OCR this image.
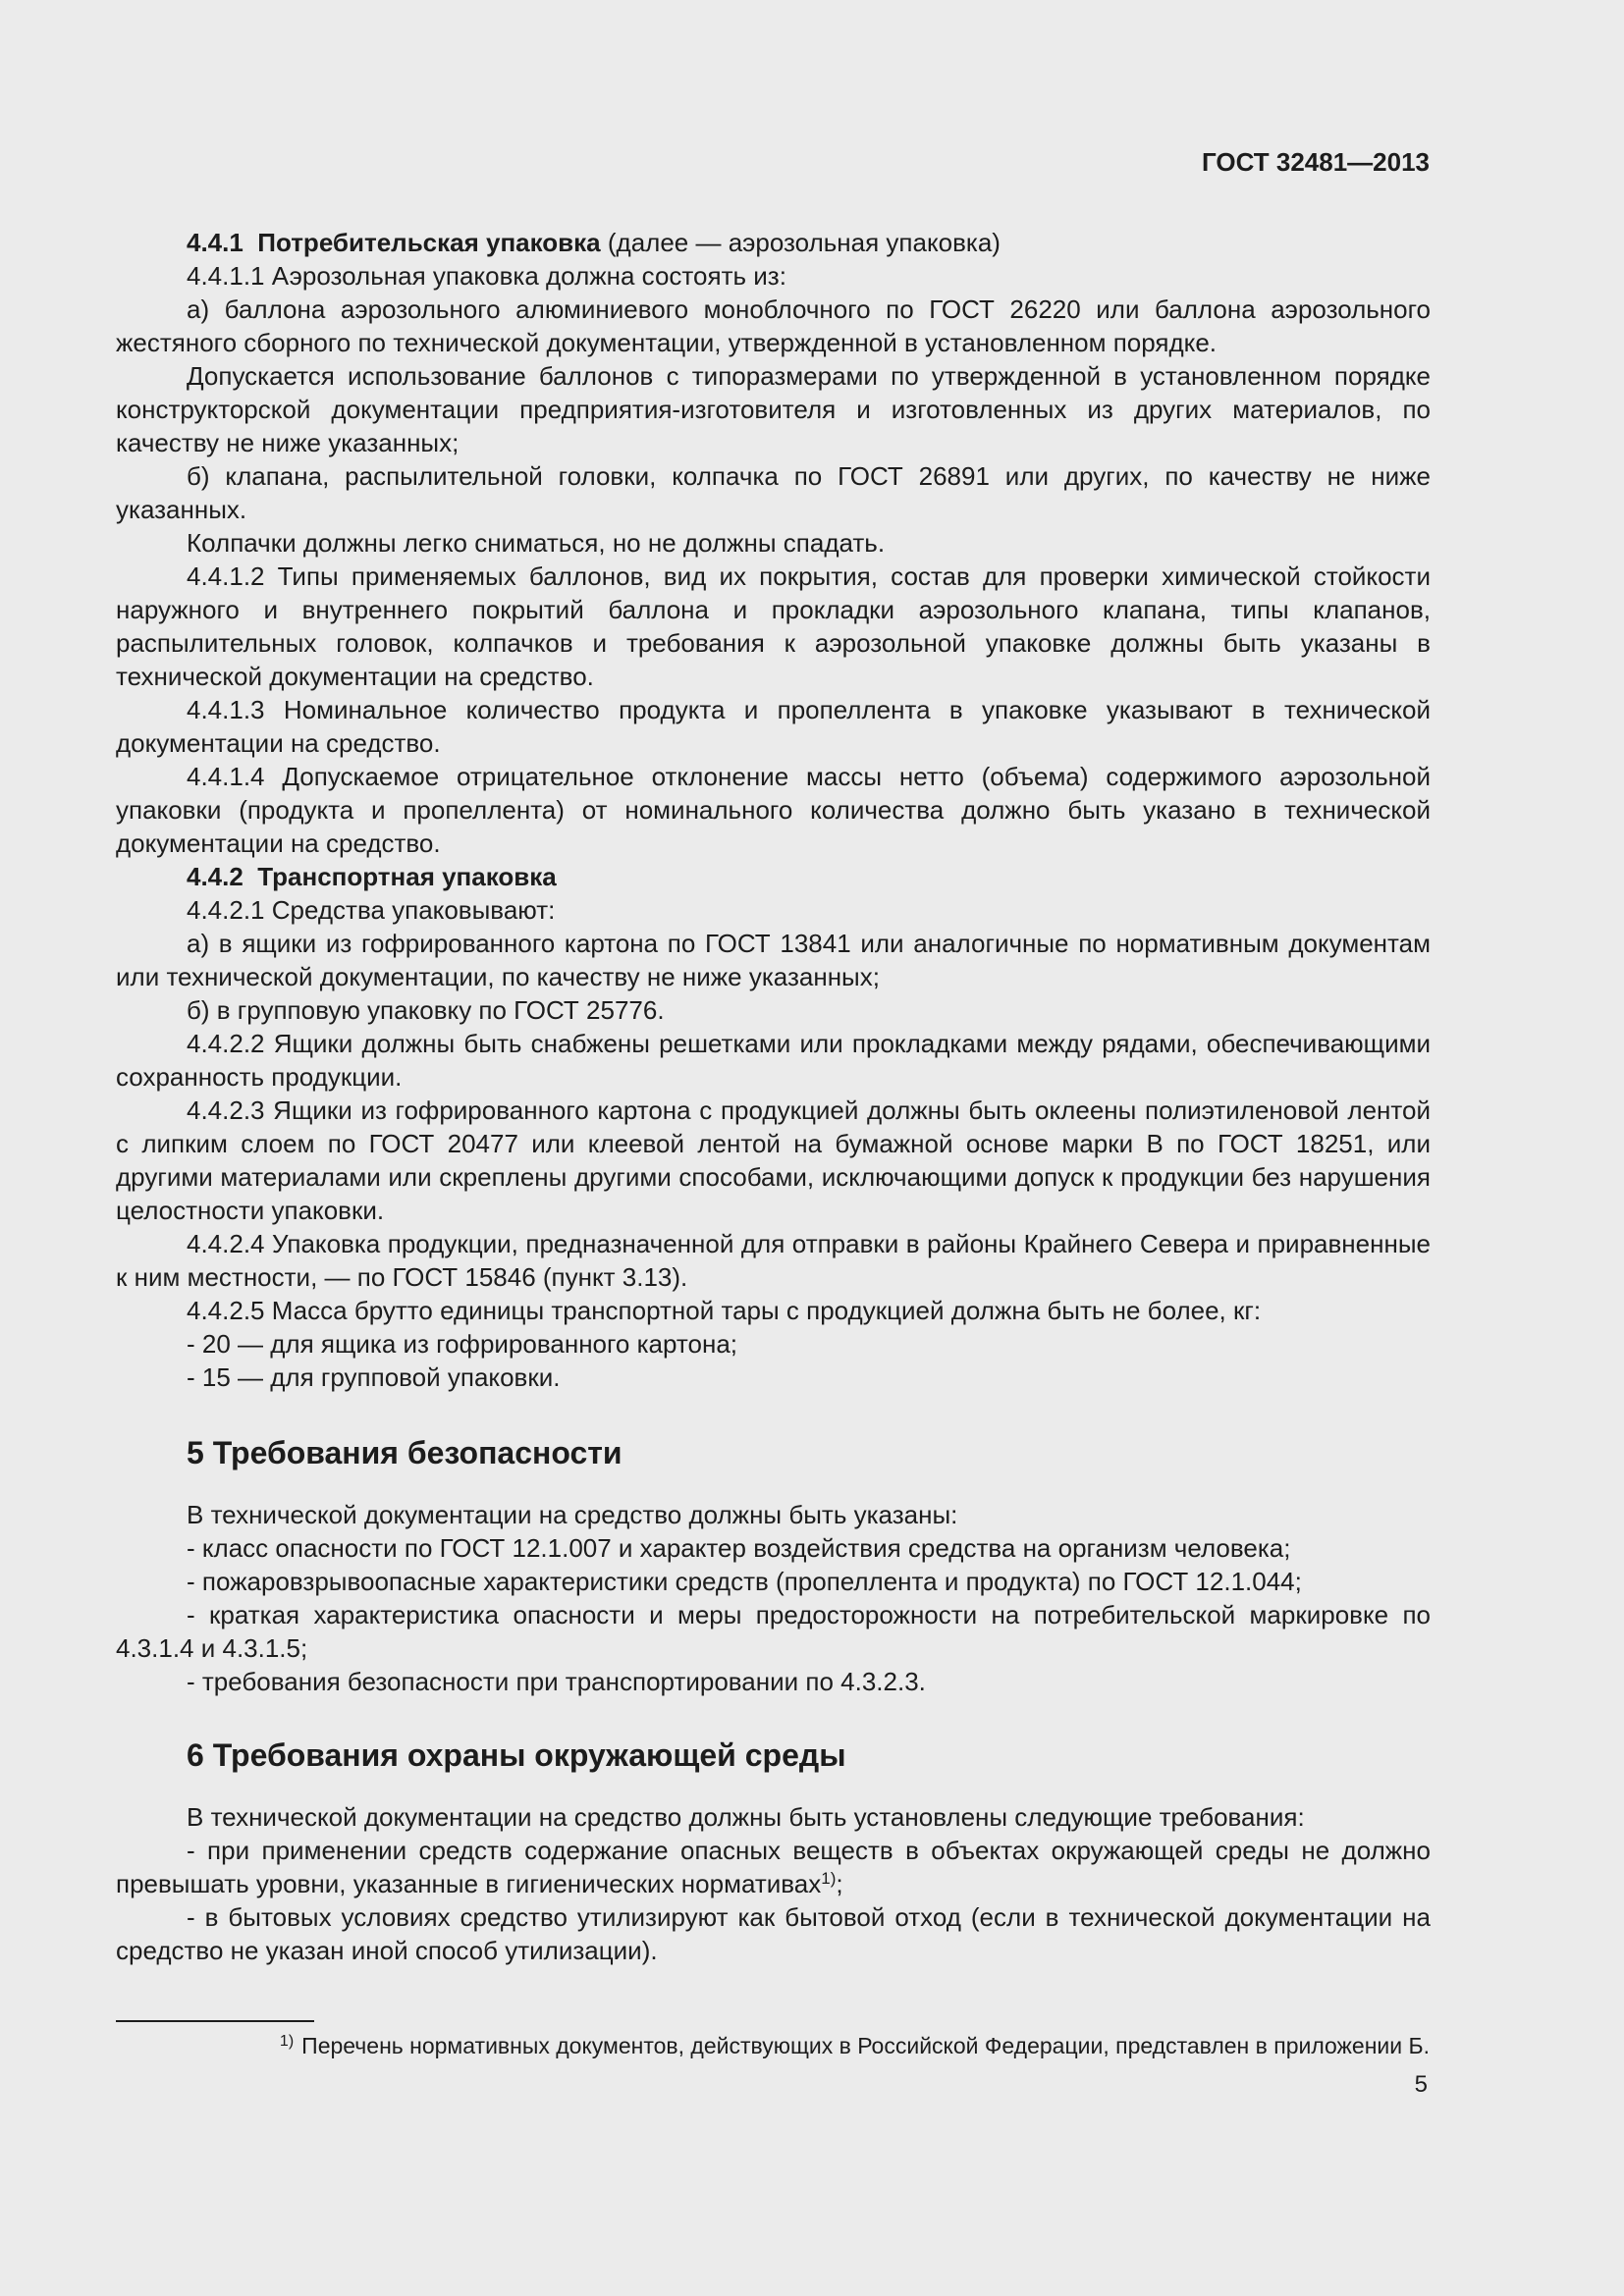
ГОСТ 32481—2013

4.4.1 Потребительская упаковка (далее — аэрозольная упаковка)

4.4.1.1 Аэрозольная упаковка должна состоять из:

а) баллона аэрозольного алюминиевого моноблочного по ГОСТ 26220 или баллона аэрозольного жестяного сборного по технической документации, утвержденной в установленном порядке.

Допускается использование баллонов с типоразмерами по утвержденной в установленном порядке конструкторской документации предприятия-изготовителя и изготовленных из других материалов, по качеству не ниже указанных;

б) клапана, распылительной головки, колпачка по ГОСТ 26891 или других, по качеству не ниже указанных.

Колпачки должны легко сниматься, но не должны спадать.

4.4.1.2 Типы применяемых баллонов, вид их покрытия, состав для проверки химической стойкости наружного и внутреннего покрытий баллона и прокладки аэрозольного клапана, типы клапанов, распылительных головок, колпачков и требования к аэрозольной упаковке должны быть указаны в технической документации на средство.

4.4.1.3 Номинальное количество продукта и пропеллента в упаковке указывают в технической документации на средство.

4.4.1.4 Допускаемое отрицательное отклонение массы нетто (объема) содержимого аэрозольной упаковки (продукта и пропеллента) от номинального количества должно быть указано в технической документации на средство.

4.4.2 Транспортная упаковка

4.4.2.1 Средства упаковывают:

а) в ящики из гофрированного картона по ГОСТ 13841 или аналогичные по нормативным документам или технической документации, по качеству не ниже указанных;

б) в групповую упаковку по ГОСТ 25776.

4.4.2.2 Ящики должны быть снабжены решетками или прокладками между рядами, обеспечивающими сохранность продукции.

4.4.2.3 Ящики из гофрированного картона с продукцией должны быть оклеены полиэтиленовой лентой с липким слоем по ГОСТ 20477 или клеевой лентой на бумажной основе марки В по ГОСТ 18251, или другими материалами или скреплены другими способами, исключающими допуск к продукции без нарушения целостности упаковки.

4.4.2.4 Упаковка продукции, предназначенной для отправки в районы Крайнего Севера и приравненные к ним местности, — по ГОСТ 15846 (пункт 3.13).

4.4.2.5 Масса брутто единицы транспортной тары с продукцией должна быть не более, кг:

- 20 — для ящика из гофрированного картона;

- 15 — для групповой упаковки.

5 Требования безопасности

В технической документации на средство должны быть указаны:

- класс опасности по ГОСТ 12.1.007 и характер воздействия средства на организм человека;

- пожаровзрывоопасные характеристики средств (пропеллента и продукта) по ГОСТ 12.1.044;

- краткая характеристика опасности и меры предосторожности на потребительской маркировке по 4.3.1.4 и 4.3.1.5;

- требования безопасности при транспортировании по 4.3.2.3.

6 Требования охраны окружающей среды

В технической документации на средство должны быть установлены следующие требования:

- при применении средств содержание опасных веществ в объектах окружающей среды не должно превышать уровни, указанные в гигиенических нормативах$^{1)}$;

- в бытовых условиях средство утилизируют как бытовой отход (если в технической документации на средство не указан иной способ утилизации).

$^{1)}$ Перечень нормативных документов, действующих в Российской Федерации, представлен в приложении Б.
5
